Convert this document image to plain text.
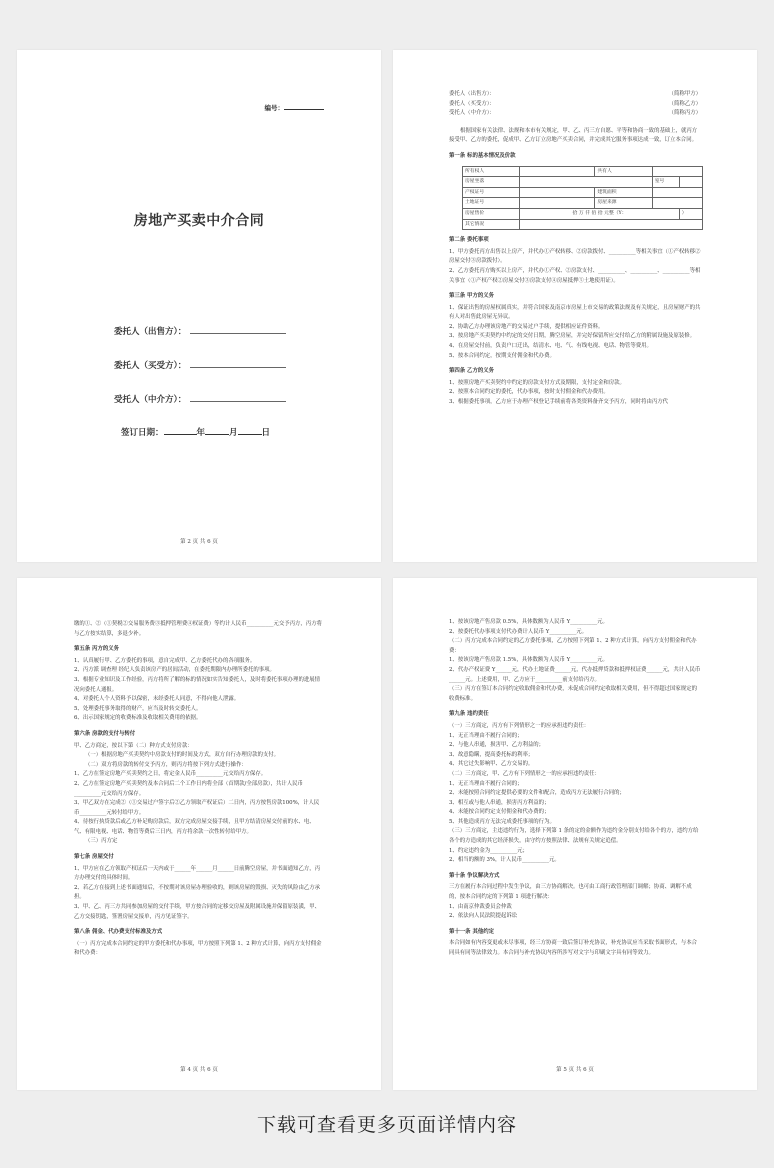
编号：
房地产买卖中介合同
委托人（出售方）：
委托人（买受方）：
受托人（中介方）：
签订日期：	年	月	日
第 2 页 共 6 页

委托人（出售方）：	（简称甲方）

委托人（买受方）：	（简称乙方）

受托人（中介方）：	（简称丙方）

根据国家有关法律、法规和本市有关规定，甲、乙、丙三方自愿、平等和协商一致的基础上，就丙方接受甲、乙方的委托，促成甲、乙方订立房地产买卖合同，并完成其它服务事项达成一致，订立本合同。

第一条 标的基本情况及价款

所有权人		共有人		
房屋坐落			室号	
产权证号		建筑面积		
土地证号		房屋来源		
房屋售价	拾 万 仟 佰 拾 元整（Y：			）
其它情况				

第二条 委托事项

1、甲方委托丙方出售以上房产，并代办①产权转移、②房款拨付、__________等相关事宜（①产权转移②房屋交付③房款拨付）。

2、乙方委托丙方购买以上房产，并代办①产权、②房款支付、__________、__________、__________等相关事宜（①产权产权②房屋交付③房款支付④房屋抵押⑤土地使用证）。

第三条 甲方的义务

1、保证出售的房屋权属真实，并符合国家及南京市房屋上市交易的政策法规及有关规定，且房屋财产的共有人对出售此房屋无异议。

2、协助乙方办理该房地产的交易过户手续，提供相应证件资料。

3、按房地产买卖契约中约定的交付日期，腾空房屋，并完好保留所应交付给乙方的附属设施及原装修。

4、在房屋交付前，负责户口迁出，结清水、电、气、有线电视、电话、物管等费用。

5、按本合同约定，按期支付佣金和代办费。

第四条 乙方的义务

1、按照房地产买卖契约中约定的房款支付方式及期限，支付定金和房款。

2、按照本合同约定的委托，代办事项，按时支付佣金和代办费用。

3、根据委托事项，乙方应于办理产权登记手续前将各类资料备齐交予丙方，同时将由丙方代

缴的①、②（①契税②交易服务费③抵押管理费④权证费）等约计人民币__________元交予丙方，丙方将与乙方按实结算，多退少补。

第五条 丙方的义务

1、认真履行甲、乙方委托的事项，意自完成甲、乙方委托代办的各项服务。

2、丙方派 调查理 经纪人负责该房产的居间活动，在委托期限内办理所委托的事项。

3、根据专业知识及工作经验，丙方将所了解的标的情况如实告知委托人，及时将委托事项办理的进展情况向委托人通报。

4、对委托人个人资料予以保密，未经委托人同意，不得向他人泄露。

5、处理委托事务取得的财产，应当及时转交委托人。

6、出示国家规定的收费标准及收取相关费用的依据。

第六条 房款的支付与转付

甲、乙方商定，按以下第（二）种方式支付房款：

（一）根据房地产买卖契约中房款支付的时间及方式，双方自行办理房款的支付。

（二）双方将房款的转付交予丙方，则丙方将按下列方式进行操作：

1、乙方在签定房地产买卖契约之日，将定金人民币__________元交给丙方保存。

2、乙方在签定房地产买卖契约及本合同后二个工作日内将全部（首期款/全部房款），共计人民币__________元交给丙方保存。

3、甲乙双方在完成②（①交易过户签字后②乙方领取产权证后）二日内，丙方按售房款100%，计人民币__________元转付给甲方。

4、待按行执贷款后或乙方补足购房款后，双方完成房屋交接手续，且甲方结清房屋交付前的水、电、气、有限电视、电话、物管等费后三日内，丙方将余款一次性转付给甲方。

（三）丙方定

第七条 房屋交付

1、甲方应在乙方领取产权证后一天内或于______年______月______日前腾空房屋，并书面通知乙方，丙方办理交付的具体时间。

2、若乙方在接到上述书面通知后，不按期对该房屋办理验收的，则该房屋的毁损、灭失的风险由乙方承担。

3、甲、乙、丙三方共同参加房屋的交付手续，甲方按合同的定移交房屋及附属设施并保留原装潢，甲、乙方交接钥匙，签署房屋交接单，丙方见证签字。

第八条 佣金、代办费支付标准及方式

（一）丙方完成本合同约定的甲方委托和代办事项，甲方按照下列第 1、2 种方式计算，向丙方支付佣金和代办费：

第 4 页 共 6 页

1、按该房地产售房款 0.5%，具体数额为人民币 Y__________元。

2、按委托代办事项支付代办费计人民币 Y__________元。

（二）丙方完成本合同约定的乙方委托事项，乙方按照下列第 1、2 种方式计算，向丙方支付佣金和代办费：

1、按该房地产售房款 1.5%，具体数额为人民币 Y__________元。

2、代办产权证费 Y______元，代办土地证费______元，代办抵押贷款和抵押权证费______元，共计人民币______元。上述费用，甲、乙方应于__________前支付给丙方。

（三）丙方在签订本合同约定收取佣金和代办费，未促成合同约定收取相关费用，但不得超过国家规定的收费标准。

第九条 违约责任

（一）三方商定，丙方有下列情形之一的应承担违约责任：

1、无正当理由不履行合同的；

2、与他人串通，损害甲、乙方利益的；

3、故意隐瞒，提高委托标的利率；

4、其它过失影响甲、乙方交易的。

（二）三方商定，甲、乙方有下列情形之一的应承担违约责任：

1、无正当理由不履行合同的；

2、未能按照合同约定提供必要的文件和配合，造成丙方无法履行合同的；

3、相互或与他人串通，损害丙方利益的；

4、未能按合同约定支付佣金和代办费的；

5、其他造成丙方无法完成委托事项的行为。

（三）三方商定，主违违约行为，选择下列第 1 条的定的金额作为违约金分别支付给各个的方，违约方给各个的方造成的其它经济损失，由守约方按照法律、法规有关规定追偿。

1、约定违约金为__________元；

2、相当的额的 3%，计人民币__________元。

第十条 争议解决方式

三方在履行本合同过程中发生争议，由三方协商解决。也可由工商行政管理部门调解；协商、调解不成的，按本合同约定的下列第 1 项进行解决：

1、由南京仲裁委员会仲裁

2、依法向人民法院提起诉讼

第十一条 其他约定

本合同如有内容变更或未尽事项，经三方协商一致后签订补充协议，补充协议应当采取书面形式，与本合同具有同等法律效力。本合同与补充协议内容所涉写对文字与印刷文字具有同等效力。

第 5 页 共 6 页
下载可查看更多页面详情内容
